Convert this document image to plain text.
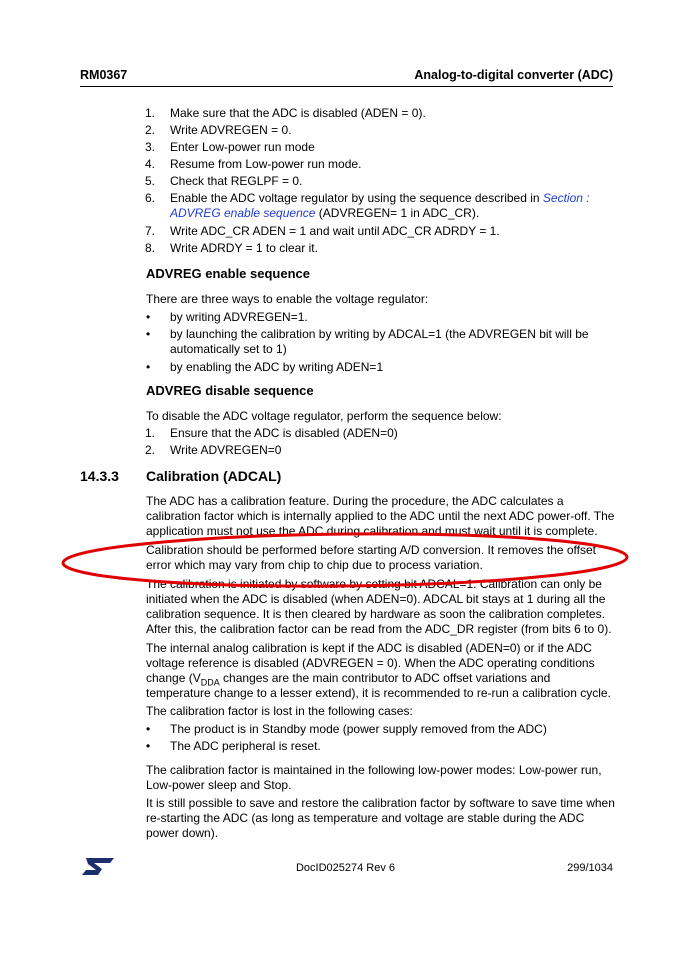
RM0367	Analog-to-digital converter (ADC)
1.	Make sure that the ADC is disabled (ADEN = 0).
2.	Write ADVREGEN = 0.
3.	Enter Low-power run mode
4.	Resume from Low-power run mode.
5.	Check that REGLPF = 0.
6.	Enable the ADC voltage regulator by using the sequence described in Section : ADVREG enable sequence (ADVREGEN= 1 in ADC_CR).
7.	Write ADC_CR ADEN = 1 and wait until ADC_CR ADRDY = 1.
8.	Write ADRDY = 1 to clear it.
ADVREG enable sequence
There are three ways to enable the voltage regulator:
• by writing ADVREGEN=1.
• by launching the calibration by writing by ADCAL=1 (the ADVREGEN bit will be automatically set to 1)
• by enabling the ADC by writing ADEN=1
ADVREG disable sequence
To disable the ADC voltage regulator, perform the sequence below:
1.	Ensure that the ADC is disabled (ADEN=0)
2.	Write ADVREGEN=0
14.3.3 Calibration (ADCAL)
The ADC has a calibration feature. During the procedure, the ADC calculates a calibration factor which is internally applied to the ADC until the next ADC power-off. The application must not use the ADC during calibration and must wait until it is complete.
Calibration should be performed before starting A/D conversion. It removes the offset error which may vary from chip to chip due to process variation.
The calibration is initiated by software by setting bit ADCAL=1. Calibration can only be initiated when the ADC is disabled (when ADEN=0). ADCAL bit stays at 1 during all the calibration sequence. It is then cleared by hardware as soon the calibration completes. After this, the calibration factor can be read from the ADC_DR register (from bits 6 to 0).
The internal analog calibration is kept if the ADC is disabled (ADEN=0) or if the ADC voltage reference is disabled (ADVREGEN = 0). When the ADC operating conditions change ($V_{DDA}$ changes are the main contributor to ADC offset variations and temperature change to a lesser extend), it is recommended to re-run a calibration cycle.
The calibration factor is lost in the following cases:
• The product is in Standby mode (power supply removed from the ADC)
• The ADC peripheral is reset.
The calibration factor is maintained in the following low-power modes: Low-power run, Low-power sleep and Stop.
It is still possible to save and restore the calibration factor by software to save time when re-starting the ADC (as long as temperature and voltage are stable during the ADC power down).
DocID025274 Rev 6	299/1034
